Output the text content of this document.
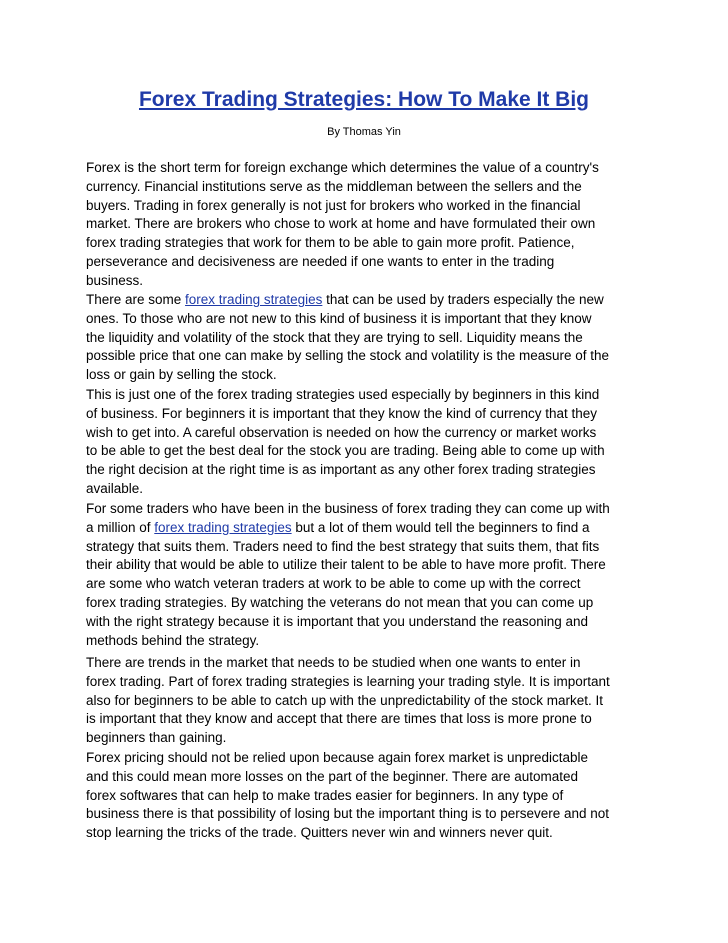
Forex Trading Strategies: How To Make It Big
By Thomas Yin

Forex is the short term for foreign exchange which determines the value of a country's
currency. Financial institutions serve as the middleman between the sellers and the
buyers. Trading in forex generally is not just for brokers who worked in the financial
market. There are brokers who chose to work at home and have formulated their own
forex trading strategies that work for them to be able to gain more profit. Patience,
perseverance and decisiveness are needed if one wants to enter in the trading
business.

There are some forex trading strategies that can be used by traders especially the new
ones. To those who are not new to this kind of business it is important that they know
the liquidity and volatility of the stock that they are trying to sell. Liquidity means the
possible price that one can make by selling the stock and volatility is the measure of the
loss or gain by selling the stock.

This is just one of the forex trading strategies used especially by beginners in this kind
of business. For beginners it is important that they know the kind of currency that they
wish to get into. A careful observation is needed on how the currency or market works
to be able to get the best deal for the stock you are trading. Being able to come up with
the right decision at the right time is as important as any other forex trading strategies
available.

For some traders who have been in the business of forex trading they can come up with
a million of forex trading strategies but a lot of them would tell the beginners to find a
strategy that suits them. Traders need to find the best strategy that suits them, that fits
their ability that would be able to utilize their talent to be able to have more profit. There
are some who watch veteran traders at work to be able to come up with the correct
forex trading strategies. By watching the veterans do not mean that you can come up
with the right strategy because it is important that you understand the reasoning and
methods behind the strategy.

There are trends in the market that needs to be studied when one wants to enter in
forex trading. Part of forex trading strategies is learning your trading style. It is important
also for beginners to be able to catch up with the unpredictability of the stock market. It
is important that they know and accept that there are times that loss is more prone to
beginners than gaining.

Forex pricing should not be relied upon because again forex market is unpredictable
and this could mean more losses on the part of the beginner. There are automated
forex softwares that can help to make trades easier for beginners. In any type of
business there is that possibility of losing but the important thing is to persevere and not
stop learning the tricks of the trade. Quitters never win and winners never quit.
